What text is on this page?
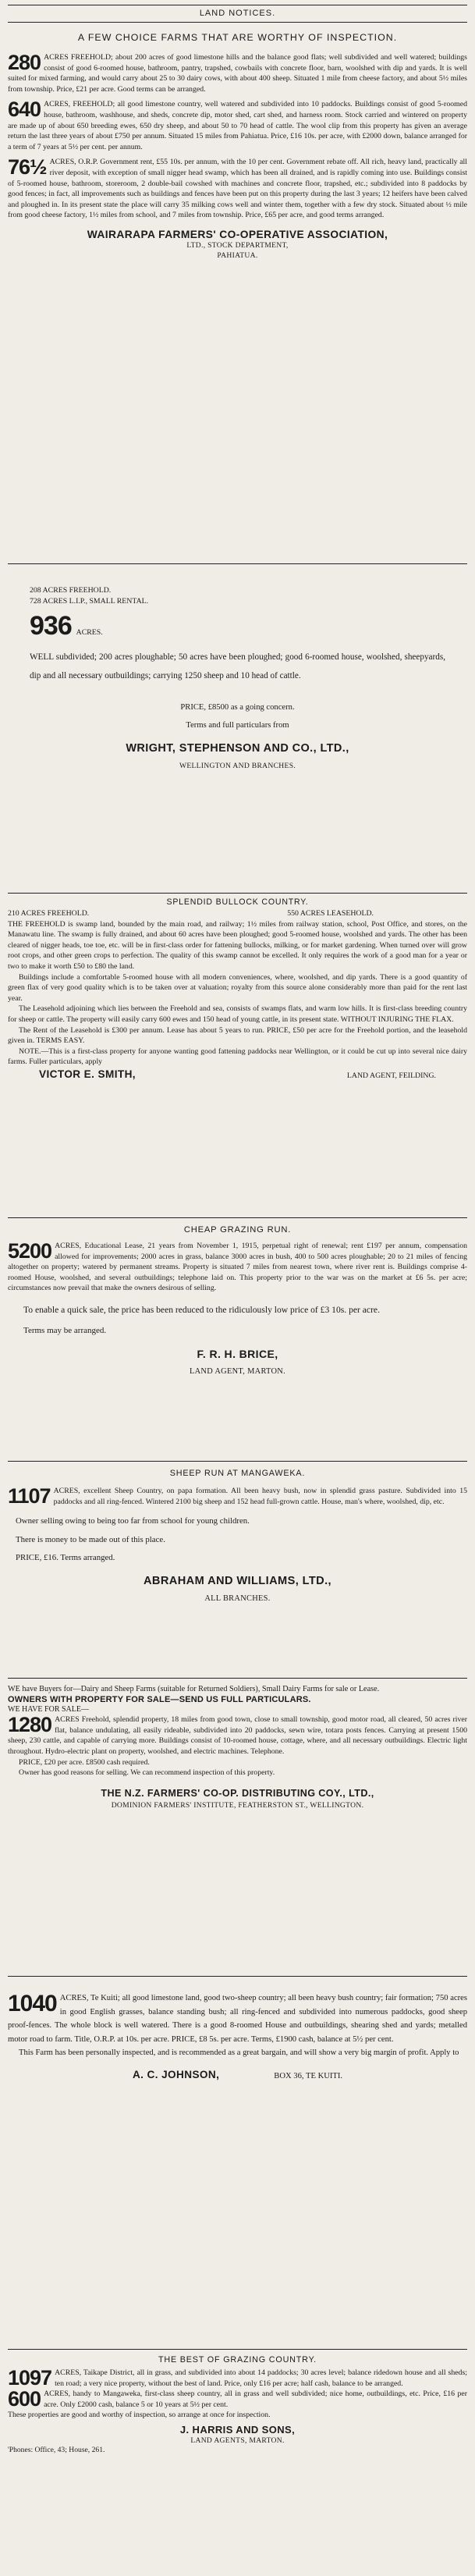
LAND NOTICES.

A FEW CHOICE FARMS THAT ARE WORTHY OF INSPECTION.

280 ACRES FREEHOLD; about 200 acres of good limestone hills and the balance good flats; well subdivided and well watered; buildings consist of good 6-roomed house, bathroom, pantry, trapshed, cowbails with concrete floor, barn, woolshed with dip and yards. It is well suited for mixed farming, and would carry about 25 to 30 dairy cows, with about 400 sheep. Situated 1 mile from cheese factory, and about 5½ miles from township. Price, £21 per acre. Good terms can be arranged.

640 ACRES, FREEHOLD; all good limestone country, well watered and subdivided into 10 paddocks. Buildings consist of good 5-roomed house, bathroom, washhouse, and sheds, concrete dip, motor shed, cart shed, and harness room. Stock carried and wintered on property are made up of about 650 breeding ewes, 650 dry sheep, and about 50 to 70 head of cattle. The wool clip from this property has given an average return the last three years of about £750 per annum. Situated 15 miles from Pahiatua. Price, £16 10s. per acre, with £2000 down, balance arranged for a term of 7 years at 5½ per cent. per annum.

76½ ACRES, O.R.P. Government rent, £55 10s. per annum, with the 10 per cent. Government rebate off. All rich, heavy land, practically all river deposit, with exception of small nigger head swamp, which has been all drained, and is rapidly coming into use. Buildings consist of 5-roomed house, bathroom, storeroom, 2 double-bail cowshed with machines and concrete floor, trapshed, etc.; subdivided into 8 paddocks by good fences; in fact, all improvements such as buildings and fences have been put on this property during the last 3 years; 12 heifers have been calved and ploughed in. In its present state the place will carry 35 milking cows well and winter them, together with a few dry stock. Situated about ½ mile from good cheese factory, 1½ miles from school, and 7 miles from township. Price, £65 per acre, and good terms arranged.

WAIRARAPA FARMERS' CO-OPERATIVE ASSOCIATION,

LTD., STOCK DEPARTMENT,

PAHIATUA.

208 ACRES FREEHOLD.

728 ACRES L.I.P., SMALL RENTAL.

936 ACRES.

WELL subdivided; 200 acres ploughable; 50 acres have been ploughed; good 6-roomed house, woolshed, sheepyards, dip and all necessary outbuildings; carrying 1250 sheep and 10 head of cattle.

PRICE, £8500 as a going concern.

Terms and full particulars from

WRIGHT, STEPHENSON AND CO., LTD.,

WELLINGTON AND BRANCHES.

SPLENDID BULLOCK COUNTRY.

210 ACRES FREEHOLD.	550 ACRES LEASEHOLD.

THE FREEHOLD is swamp land, bounded by the main road, and railway; 1½ miles from railway station, school, Post Office, and stores, on the Manawatu line. The swamp is fully drained, and about 60 acres have been ploughed; good 5-roomed house, woolshed and yards. The other has been cleared of nigger heads, toe toe, etc. will be in first-class order for fattening bullocks, milking, or for market gardening. When turned over will grow root crops, and other green crops to perfection. The quality of this swamp cannot be excelled. It only requires the work of a good man for a year or two to make it worth £50 to £80 the land.

Buildings include a comfortable 5-roomed house with all modern conveniences, where, woolshed, and dip yards. There is a good quantity of green flax of very good quality which is to be taken over at valuation; royalty from this source alone considerably more than paid for the rent last year.

The Leasehold adjoining which lies between the Freehold and sea, consists of swamps flats, and warm low hills. It is first-class breeding country for sheep or cattle. The property will easily carry 600 ewes and 150 head of young cattle, in its present state. WITHOUT INJURING THE FLAX.

The Rent of the Leasehold is £300 per annum. Lease has about 5 years to run. PRICE, £50 per acre for the Freehold portion, and the leasehold given in. TERMS EASY.

NOTE.—This is a first-class property for anyone wanting good fattening paddocks near Wellington, or it could be cut up into several nice dairy farms. Fuller particulars, apply

VICTOR E. SMITH,	LAND AGENT, FEILDING.

CHEAP GRAZING RUN.

5200 ACRES, Educational Lease, 21 years from November 1, 1915, perpetual right of renewal; rent £197 per annum, compensation allowed for improvements; 2000 acres in grass, balance 3000 acres in bush, 400 to 500 acres ploughable; 20 to 21 miles of fencing altogether on property; watered by permanent streams. Property is situated 7 miles from nearest town, where river rent is. Buildings comprise 4-roomed House, woolshed, and several outbuildings; telephone laid on. This property prior to the war was on the market at £6 5s. per acre; circumstances now prevail that make the owners desirous of selling.

To enable a quick sale, the price has been reduced to the ridiculously low price of £3 10s. per acre.

Terms may be arranged.

F. R. H. BRICE,

LAND AGENT, MARTON.

SHEEP RUN AT MANGAWEKA.

1107 ACRES, excellent Sheep Country, on papa formation. All been heavy bush, now in splendid grass pasture. Subdivided into 15 paddocks and all ring-fenced. Wintered 2100 big sheep and 152 head full-grown cattle. House, man's where, woolshed, dip, etc.

Owner selling owing to being too far from school for young children.

There is money to be made out of this place.

PRICE, £16. Terms arranged.

ABRAHAM AND WILLIAMS, LTD.,

ALL BRANCHES.

WE have Buyers for—Dairy and Sheep Farms (suitable for Returned Soldiers), Small Dairy Farms for sale or Lease.

OWNERS WITH PROPERTY FOR SALE—SEND US FULL PARTICULARS.

WE HAVE FOR SALE—

1280 ACRES Freehold, splendid property, 18 miles from good town, close to small township, good motor road, all cleared, 50 acres river flat, balance undulating, all easily rideable, subdivided into 20 paddocks, sewn wire, totara posts fences. Carrying at present 1500 sheep, 230 cattle, and capable of carrying more. Buildings consist of 10-roomed house, cottage, where, and all necessary outbuildings. Electric light throughout. Hydro-electric plant on property, woolshed, and electric machines. Telephone.

PRICE, £20 per acre. £8500 cash required.

Owner has good reasons for selling. We can recommend inspection of this property.

THE N.Z. FARMERS' CO-OP. DISTRIBUTING COY., LTD.,

DOMINION FARMERS' INSTITUTE, FEATHERSTON ST., WELLINGTON.

1040 ACRES, Te Kuiti; all good limestone land, good two-sheep country; all been heavy bush country; fair formation; 750 acres in good English grasses, balance standing bush; all ring-fenced and subdivided into numerous paddocks, good sheep proof-fences. The whole block is well watered. There is a good 8-roomed House and outbuildings, shearing shed and yards; metalled motor road to farm. Title, O.R.P. at 10s. per acre. PRICE, £8 5s. per acre. Terms, £1900 cash, balance at 5½ per cent.

This Farm has been personally inspected, and is recommended as a great bargain, and will show a very big margin of profit. Apply to

A. C. JOHNSON,	BOX 36, TE KUITI.

THE BEST OF GRAZING COUNTRY.

1097 ACRES, Taikape District, all in grass, and subdivided into about 14 paddocks; 30 acres level; balance ridedown house and all sheds; ten road; a very nice property, without the best of land. Price, only £16 per acre; half cash, balance to be arranged.

600 ACRES, handy to Mangaweka, first-class sheep country, all in grass and well subdivided; nice home, outbuildings, etc. Price, £16 per acre. Only £2000 cash, balance 5 or 10 years at 5½ per cent.

These properties are good and worthy of inspection, so arrange at once for inspection.

J. HARRIS AND SONS,

LAND AGENTS, MARTON.

'Phones: Office, 43; House, 261.
